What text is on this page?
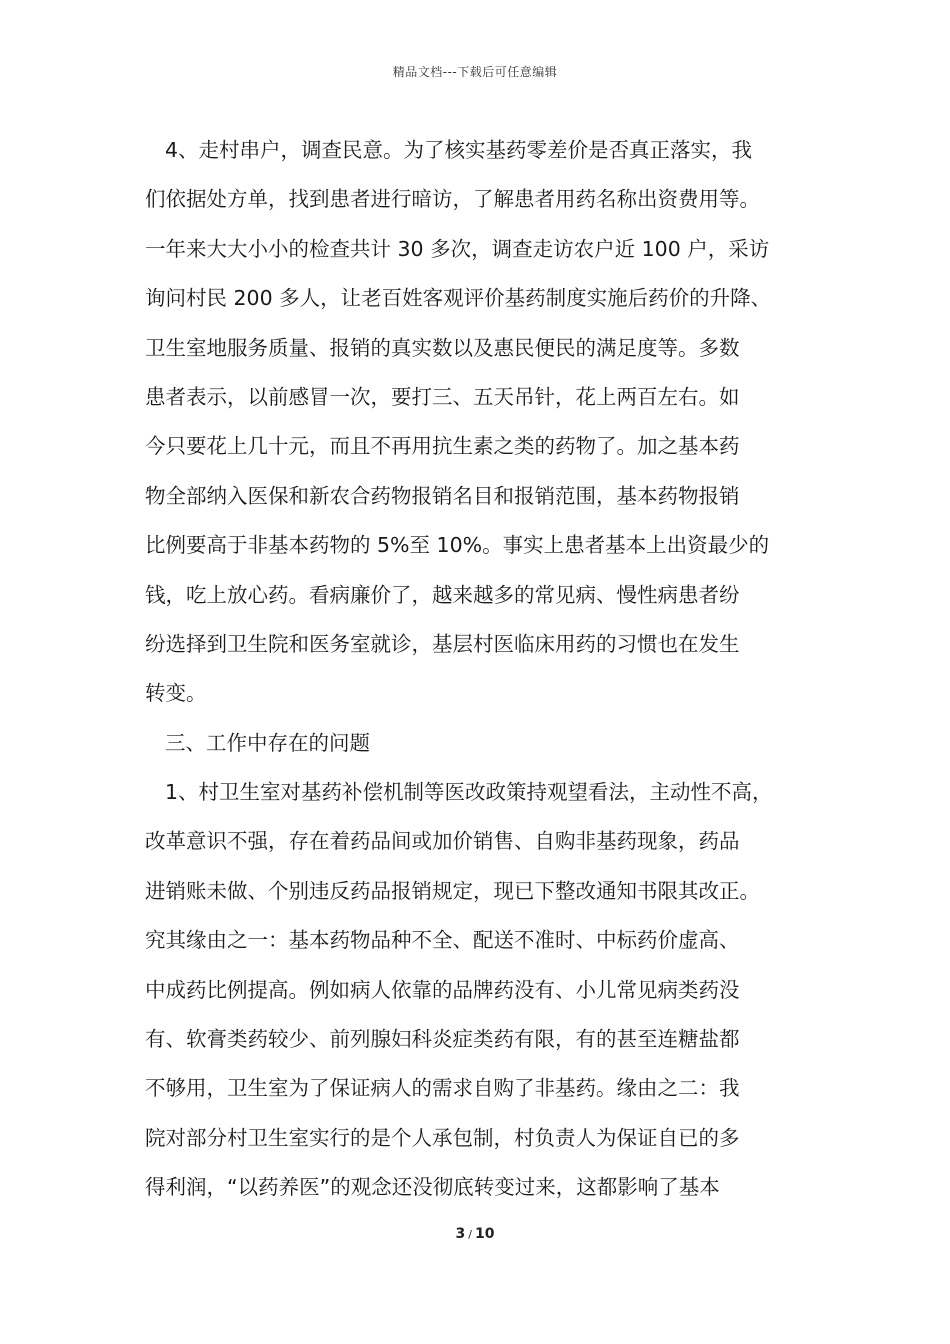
精品文档---下载后可任意编辑
4、走村串户，调查民意。为了核实基药零差价是否真正落实，我
们依据处方单，找到患者进行暗访，了解患者用药名称出资费用等。
一年来大大小小的检查共计 30 多次，调查走访农户近 100 户，采访
询问村民 200 多人，让老百姓客观评价基药制度实施后药价的升降、
卫生室地服务质量、报销的真实数以及惠民便民的满足度等。多数
患者表示，以前感冒一次，要打三、五天吊针，花上两百左右。如
今只要花上几十元，而且不再用抗生素之类的药物了。加之基本药
物全部纳入医保和新农合药物报销名目和报销范围，基本药物报销
比例要高于非基本药物的 5%至 10%。事实上患者基本上出资最少的
钱，吃上放心药。看病廉价了，越来越多的常见病、慢性病患者纷
纷选择到卫生院和医务室就诊，基层村医临床用药的习惯也在发生
转变。
三、工作中存在的问题
1、村卫生室对基药补偿机制等医改政策持观望看法，主动性不高，
改革意识不强，存在着药品间或加价销售、自购非基药现象，药品
进销账未做、个别违反药品报销规定，现已下整改通知书限其改正。
究其缘由之一：基本药物品种不全、配送不准时、中标药价虚高、
中成药比例提高。例如病人依靠的品牌药没有、小儿常见病类药没
有、软膏类药较少、前列腺妇科炎症类药有限，有的甚至连糖盐都
不够用，卫生室为了保证病人的需求自购了非基药。缘由之二：我
院对部分村卫生室实行的是个人承包制，村负责人为保证自已的多
得利润，“以药养医”的观念还没彻底转变过来，这都影响了基本
3 / 10
